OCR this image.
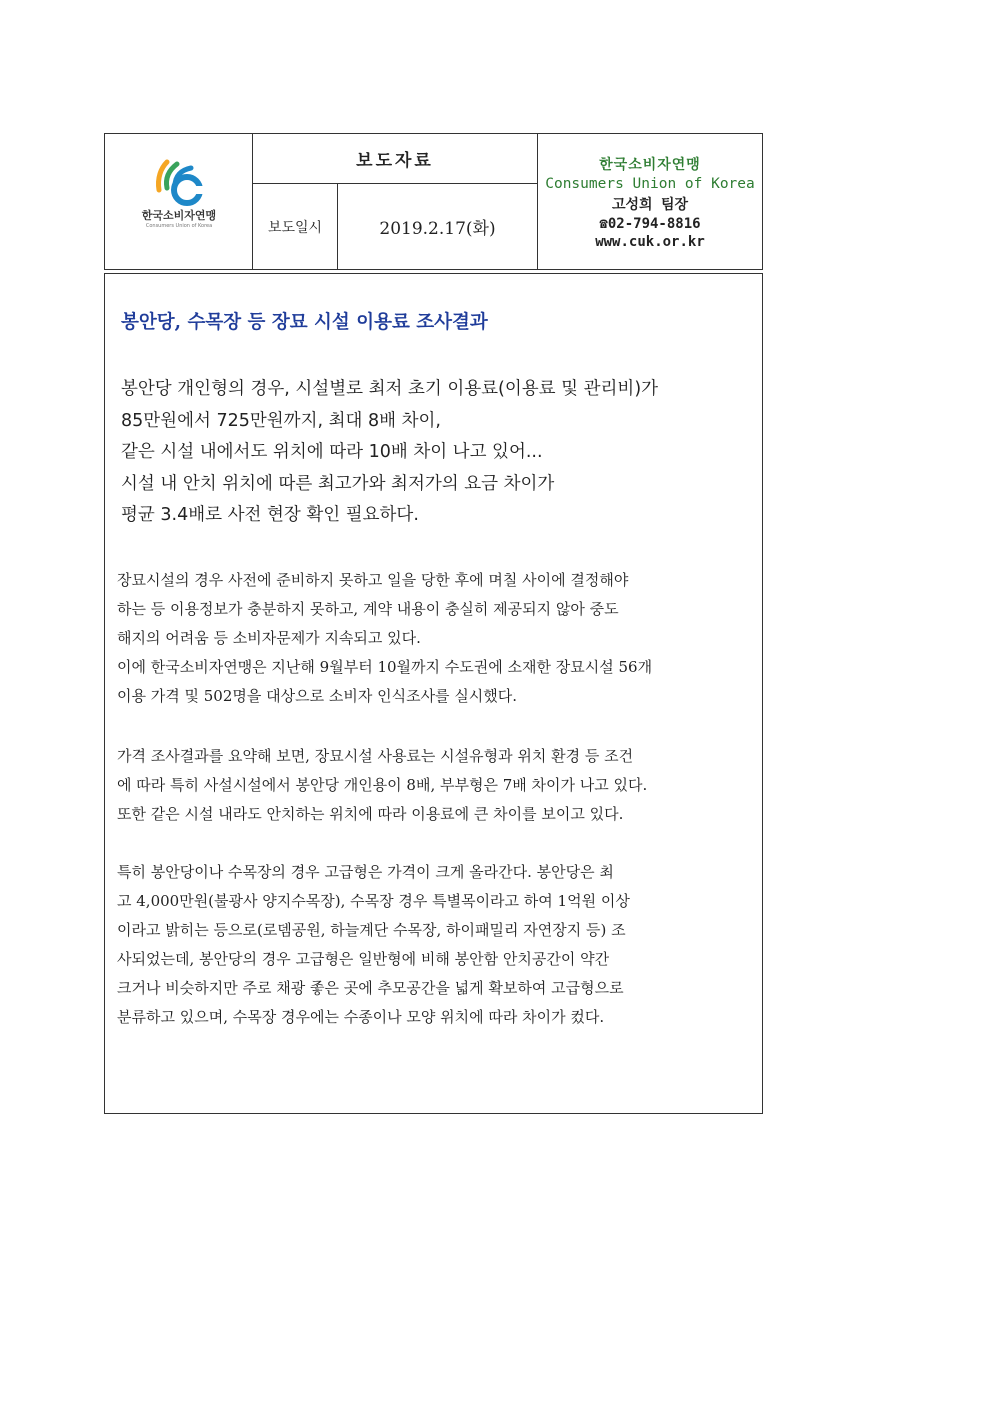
한국소비자연맹
Consumers Union of Korea
보도자료
보도일시	2019.2.17(화)
한국소비자연맹
Consumers Union of Korea
고성희 팀장
☎02-794-8816
www.cuk.or.kr
봉안당, 수목장 등 장묘 시설 이용료 조사결과
봉안당 개인형의 경우, 시설별로 최저 초기 이용료(이용료 및 관리비)가
85만원에서 725만원까지, 최대 8배 차이,
같은 시설 내에서도 위치에 따라 10배 차이 나고 있어...
시설 내 안치 위치에 따른 최고가와 최저가의 요금 차이가
평균 3.4배로 사전 현장 확인 필요하다.
장묘시설의 경우 사전에 준비하지 못하고 일을 당한 후에 며칠 사이에 결정해야
하는 등 이용정보가 충분하지 못하고, 계약 내용이 충실히 제공되지 않아 중도
해지의 어려움 등 소비자문제가 지속되고 있다.
이에 한국소비자연맹은 지난해 9월부터 10월까지 수도권에 소재한 장묘시설 56개
이용 가격 및 502명을 대상으로 소비자 인식조사를 실시했다.
가격 조사결과를 요약해 보면, 장묘시설 사용료는 시설유형과 위치 환경 등 조건
에 따라 특히 사설시설에서 봉안당 개인용이 8배, 부부형은 7배 차이가 나고 있다.
또한 같은 시설 내라도 안치하는 위치에 따라 이용료에 큰 차이를 보이고 있다.
특히 봉안당이나 수목장의 경우 고급형은 가격이 크게 올라간다. 봉안당은 최
고 4,000만원(불광사 양지수목장), 수목장 경우 특별목이라고 하여 1억원 이상
이라고 밝히는 등으로(로뎀공원, 하늘계단 수목장, 하이패밀리 자연장지 등) 조
사되었는데, 봉안당의 경우 고급형은 일반형에 비해 봉안함 안치공간이 약간
크거나 비슷하지만 주로 채광 좋은 곳에 추모공간을 넓게 확보하여 고급형으로
분류하고 있으며, 수목장 경우에는 수종이나 모양 위치에 따라 차이가 컸다.
